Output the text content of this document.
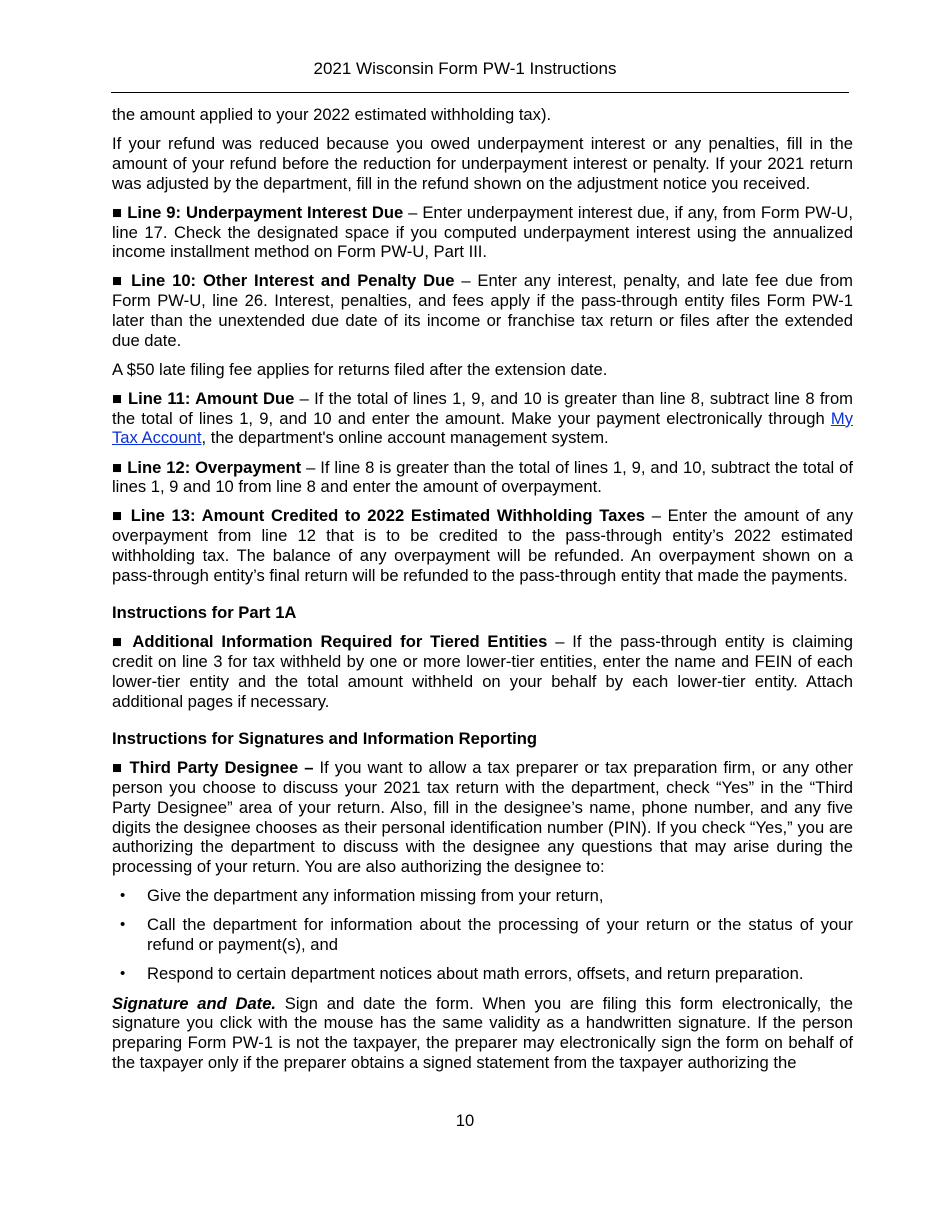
2021 Wisconsin Form PW-1 Instructions

the amount applied to your 2022 estimated withholding tax).

If your refund was reduced because you owed underpayment interest or any penalties, fill in the amount of your refund before the reduction for underpayment interest or penalty. If your 2021 return was adjusted by the department, fill in the refund shown on the adjustment notice you received.

■ Line 9: Underpayment Interest Due – Enter underpayment interest due, if any, from Form PW-U, line 17. Check the designated space if you computed underpayment interest using the annualized income installment method on Form PW-U, Part III.

■ Line 10: Other Interest and Penalty Due – Enter any interest, penalty, and late fee due from Form PW-U, line 26. Interest, penalties, and fees apply if the pass-through entity files Form PW-1 later than the unextended due date of its income or franchise tax return or files after the extended due date.

A $50 late filing fee applies for returns filed after the extension date.

■ Line 11: Amount Due – If the total of lines 1, 9, and 10 is greater than line 8, subtract line 8 from the total of lines 1, 9, and 10 and enter the amount. Make your payment electronically through My Tax Account, the department's online account management system.

■ Line 12: Overpayment – If line 8 is greater than the total of lines 1, 9, and 10, subtract the total of lines 1, 9 and 10 from line 8 and enter the amount of overpayment.

■ Line 13: Amount Credited to 2022 Estimated Withholding Taxes – Enter the amount of any overpayment from line 12 that is to be credited to the pass-through entity’s 2022 estimated withholding tax. The balance of any overpayment will be refunded. An overpayment shown on a pass-through entity’s final return will be refunded to the pass-through entity that made the payments.

Instructions for Part 1A

■ Additional Information Required for Tiered Entities – If the pass-through entity is claiming credit on line 3 for tax withheld by one or more lower-tier entities, enter the name and FEIN of each lower-tier entity and the total amount withheld on your behalf by each lower-tier entity. Attach additional pages if necessary.

Instructions for Signatures and Information Reporting

■ Third Party Designee – If you want to allow a tax preparer or tax preparation firm, or any other person you choose to discuss your 2021 tax return with the department, check “Yes” in the “Third Party Designee” area of your return. Also, fill in the designee’s name, phone number, and any five digits the designee chooses as their personal identification number (PIN). If you check “Yes,” you are authorizing the department to discuss with the designee any questions that may arise during the processing of your return. You are also authorizing the designee to:

• Give the department any information missing from your return,
• Call the department for information about the processing of your return or the status of your refund or payment(s), and
• Respond to certain department notices about math errors, offsets, and return preparation.

Signature and Date. Sign and date the form. When you are filing this form electronically, the signature you click with the mouse has the same validity as a handwritten signature. If the person preparing Form PW-1 is not the taxpayer, the preparer may electronically sign the form on behalf of the taxpayer only if the preparer obtains a signed statement from the taxpayer authorizing the

10
